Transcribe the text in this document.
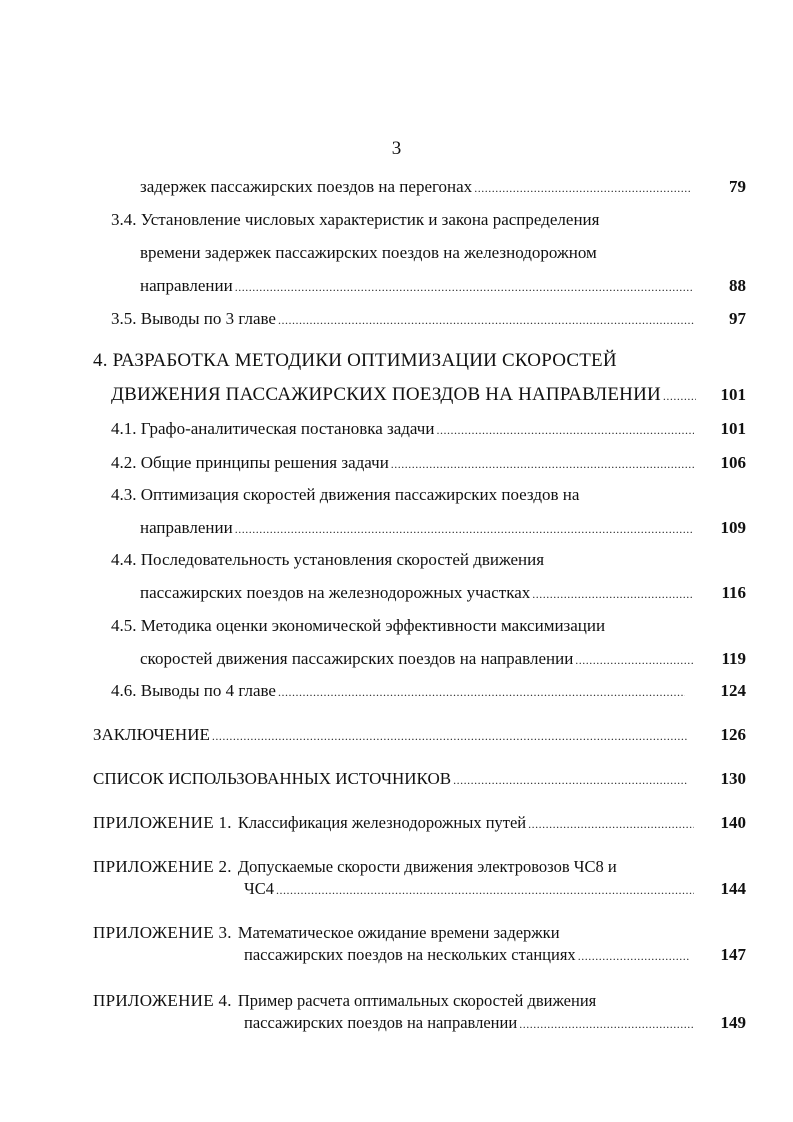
3
задержек пассажирских поездов на перегонах .....	79
3.4. Установление числовых характеристик и закона распределения
времени задержек пассажирских поездов на железнодорожном
направлении .....	88
3.5. Выводы по 3 главе .....	97
4. РАЗРАБОТКА МЕТОДИКИ ОПТИМИЗАЦИИ СКОРОСТЕЙ
ДВИЖЕНИЯ ПАССАЖИРСКИХ ПОЕЗДОВ НА НАПРАВЛЕНИИ .....	101
4.1. Графо-аналитическая постановка задачи .....	101
4.2. Общие принципы решения задачи .....	106
4.3. Оптимизация скоростей движения пассажирских поездов на
направлении .....	109
4.4. Последовательность установления скоростей движения
пассажирских поездов на железнодорожных участках .....	116
4.5. Методика оценки экономической эффективности максимизации
скоростей движения пассажирских поездов на направлении .....	119
4.6. Выводы по 4 главе .....	124
ЗАКЛЮЧЕНИЕ .....	126
СПИСОК ИСПОЛЬЗОВАННЫХ ИСТОЧНИКОВ .....	130
ПРИЛОЖЕНИЕ 1. Классификация железнодорожных путей .....	140
ПРИЛОЖЕНИЕ 2. Допускаемые скорости движения электровозов ЧС8 и
ЧС4 .....	144
ПРИЛОЖЕНИЕ 3. Математическое ожидание времени задержки
пассажирских поездов на нескольких станциях .....	147
ПРИЛОЖЕНИЕ 4. Пример расчета оптимальных скоростей движения
пассажирских поездов на направлении .....	149
